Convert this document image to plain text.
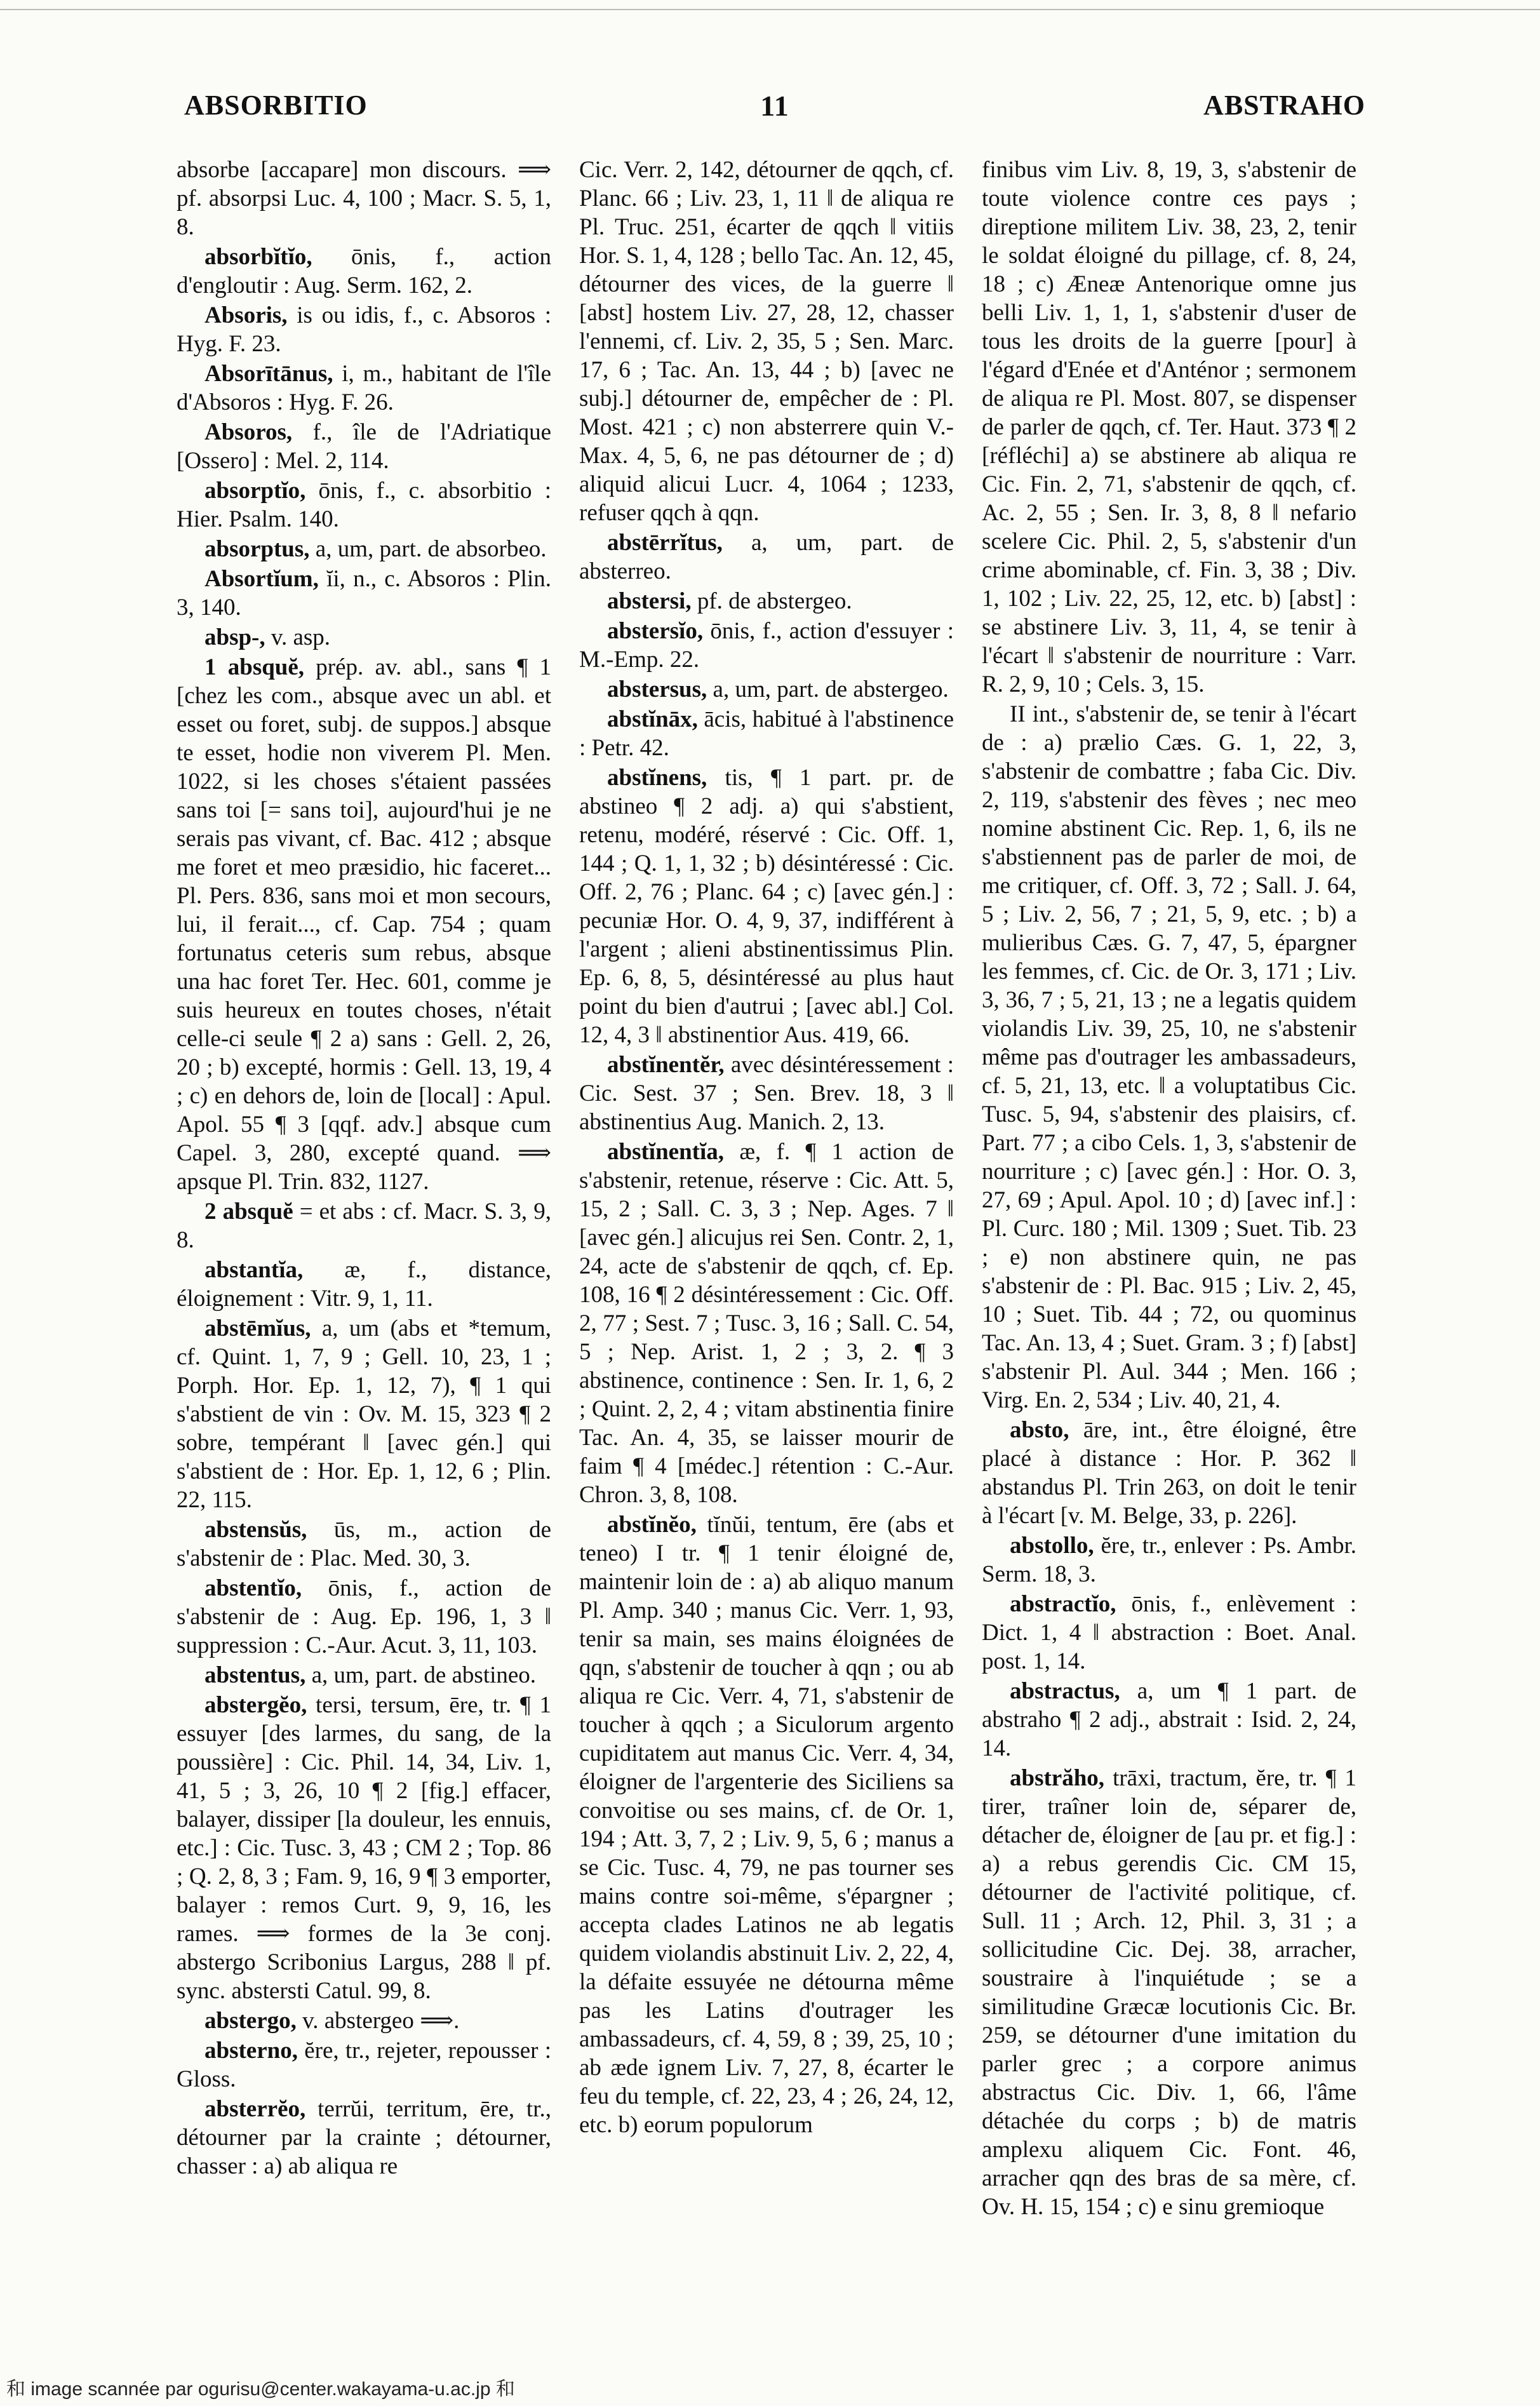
ABSORBITIO	11	ABSTRAHO

absorbe [accapare] mon discours. ⟹ pf. absorpsi Luc. 4, 100 ; Macr. S. 5, 1, 8.

absorbĭtĭo, ōnis, f., action d'engloutir : Aug. Serm. 162, 2.

Absoris, is ou idis, f., c. Absoros : Hyg. F. 23.

Absorītānus, i, m., habitant de l'île d'Absoros : Hyg. F. 26.

Absoros, f., île de l'Adriatique [Ossero] : Mel. 2, 114.

absorptĭo, ōnis, f., c. absorbitio : Hier. Psalm. 140.

absorptus, a, um, part. de absorbeo.

Absortĭum, ĭi, n., c. Absoros : Plin. 3, 140.

absp-, v. asp.

1 absquĕ, prép. av. abl., sans ¶ 1 [chez les com., absque avec un abl. et esset ou foret, subj. de suppos.] absque te esset, hodie non viverem Pl. Men. 1022, si les choses s'étaient passées sans toi [= sans toi], aujourd'hui je ne serais pas vivant, cf. Bac. 412 ; absque me foret et meo præsidio, hic faceret... Pl. Pers. 836, sans moi et mon secours, lui, il ferait..., cf. Cap. 754 ; quam fortunatus ceteris sum rebus, absque una hac foret Ter. Hec. 601, comme je suis heureux en toutes choses, n'était celle-ci seule ¶ 2 a) sans : Gell. 2, 26, 20 ; b) excepté, hormis : Gell. 13, 19, 4 ; c) en dehors de, loin de [local] : Apul. Apol. 55 ¶ 3 [qqf. adv.] absque cum Capel. 3, 280, excepté quand. ⟹ apsque Pl. Trin. 832, 1127.

2 absquĕ = et abs : cf. Macr. S. 3, 9, 8.

abstantĭa, æ, f., distance, éloignement : Vitr. 9, 1, 11.

abstēmĭus, a, um (abs et *temum, cf. Quint. 1, 7, 9 ; Gell. 10, 23, 1 ; Porph. Hor. Ep. 1, 12, 7), ¶ 1 qui s'abstient de vin : Ov. M. 15, 323 ¶ 2 sobre, tempérant ‖ [avec gén.] qui s'abstient de : Hor. Ep. 1, 12, 6 ; Plin. 22, 115.

abstensŭs, ūs, m., action de s'abstenir de : Plac. Med. 30, 3.

abstentĭo, ōnis, f., action de s'abstenir de : Aug. Ep. 196, 1, 3 ‖ suppression : C.-Aur. Acut. 3, 11, 103.

abstentus, a, um, part. de abstineo.

abstergĕo, tersi, tersum, ēre, tr. ¶ 1 essuyer [des larmes, du sang, de la poussière] : Cic. Phil. 14, 34, Liv. 1, 41, 5 ; 3, 26, 10 ¶ 2 [fig.] effacer, balayer, dissiper [la douleur, les ennuis, etc.] : Cic. Tusc. 3, 43 ; CM 2 ; Top. 86 ; Q. 2, 8, 3 ; Fam. 9, 16, 9 ¶ 3 emporter, balayer : remos Curt. 9, 9, 16, les rames. ⟹ formes de la 3e conj. abstergo Scribonius Largus, 288 ‖ pf. sync. abstersti Catul. 99, 8.

abstergo, v. abstergeo ⟹.

absterno, ĕre, tr., rejeter, repousser : Gloss.

absterrĕo, terrŭi, territum, ēre, tr., détourner par la crainte ; détourner, chasser : a) ab aliqua re

Cic. Verr. 2, 142, détourner de qqch, cf. Planc. 66 ; Liv. 23, 1, 11 ‖ de aliqua re Pl. Truc. 251, écarter de qqch ‖ vitiis Hor. S. 1, 4, 128 ; bello Tac. An. 12, 45, détourner des vices, de la guerre ‖ [abst] hostem Liv. 27, 28, 12, chasser l'ennemi, cf. Liv. 2, 35, 5 ; Sen. Marc. 17, 6 ; Tac. An. 13, 44 ; b) [avec ne subj.] détourner de, empêcher de : Pl. Most. 421 ; c) non absterrere quin V.-Max. 4, 5, 6, ne pas détourner de ; d) aliquid alicui Lucr. 4, 1064 ; 1233, refuser qqch à qqn.

abstērrĭtus, a, um, part. de absterreo.

abstersi, pf. de abstergeo.

abstersĭo, ōnis, f., action d'essuyer : M.-Emp. 22.

abstersus, a, um, part. de abstergeo.

abstĭnāx, ācis, habitué à l'abstinence : Petr. 42.

abstĭnens, tis, ¶ 1 part. pr. de abstineo ¶ 2 adj. a) qui s'abstient, retenu, modéré, réservé : Cic. Off. 1, 144 ; Q. 1, 1, 32 ; b) désintéressé : Cic. Off. 2, 76 ; Planc. 64 ; c) [avec gén.] : pecuniæ Hor. O. 4, 9, 37, indifférent à l'argent ; alieni abstinentissimus Plin. Ep. 6, 8, 5, désintéressé au plus haut point du bien d'autrui ; [avec abl.] Col. 12, 4, 3 ‖ abstinentior Aus. 419, 66.

abstĭnentĕr, avec désintéressement : Cic. Sest. 37 ; Sen. Brev. 18, 3 ‖ abstinentius Aug. Manich. 2, 13.

abstĭnentĭa, æ, f. ¶ 1 action de s'abstenir, retenue, réserve : Cic. Att. 5, 15, 2 ; Sall. C. 3, 3 ; Nep. Ages. 7 ‖ [avec gén.] alicujus rei Sen. Contr. 2, 1, 24, acte de s'abstenir de qqch, cf. Ep. 108, 16 ¶ 2 désintéressement : Cic. Off. 2, 77 ; Sest. 7 ; Tusc. 3, 16 ; Sall. C. 54, 5 ; Nep. Arist. 1, 2 ; 3, 2. ¶ 3 abstinence, continence : Sen. Ir. 1, 6, 2 ; Quint. 2, 2, 4 ; vitam abstinentia finire Tac. An. 4, 35, se laisser mourir de faim ¶ 4 [médec.] rétention : C.-Aur. Chron. 3, 8, 108.

abstĭnĕo, tĭnŭi, tentum, ēre (abs et teneo) I tr. ¶ 1 tenir éloigné de, maintenir loin de : a) ab aliquo manum Pl. Amp. 340 ; manus Cic. Verr. 1, 93, tenir sa main, ses mains éloignées de qqn, s'abstenir de toucher à qqn ; ou ab aliqua re Cic. Verr. 4, 71, s'abstenir de toucher à qqch ; a Siculorum argento cupiditatem aut manus Cic. Verr. 4, 34, éloigner de l'argenterie des Siciliens sa convoitise ou ses mains, cf. de Or. 1, 194 ; Att. 3, 7, 2 ; Liv. 9, 5, 6 ; manus a se Cic. Tusc. 4, 79, ne pas tourner ses mains contre soi-même, s'épargner ; accepta clades Latinos ne ab legatis quidem violandis abstinuit Liv. 2, 22, 4, la défaite essuyée ne détourna même pas les Latins d'outrager les ambassadeurs, cf. 4, 59, 8 ; 39, 25, 10 ; ab æde ignem Liv. 7, 27, 8, écarter le feu du temple, cf. 22, 23, 4 ; 26, 24, 12, etc. b) eorum populorum

finibus vim Liv. 8, 19, 3, s'abstenir de toute violence contre ces pays ; direptione militem Liv. 38, 23, 2, tenir le soldat éloigné du pillage, cf. 8, 24, 18 ; c) Æneæ Antenorique omne jus belli Liv. 1, 1, 1, s'abstenir d'user de tous les droits de la guerre [pour] à l'égard d'Enée et d'Anténor ; sermonem de aliqua re Pl. Most. 807, se dispenser de parler de qqch, cf. Ter. Haut. 373 ¶ 2 [réfléchi] a) se abstinere ab aliqua re Cic. Fin. 2, 71, s'abstenir de qqch, cf. Ac. 2, 55 ; Sen. Ir. 3, 8, 8 ‖ nefario scelere Cic. Phil. 2, 5, s'abstenir d'un crime abominable, cf. Fin. 3, 38 ; Div. 1, 102 ; Liv. 22, 25, 12, etc. b) [abst] : se abstinere Liv. 3, 11, 4, se tenir à l'écart ‖ s'abstenir de nourriture : Varr. R. 2, 9, 10 ; Cels. 3, 15.

II int., s'abstenir de, se tenir à l'écart de : a) prælio Cæs. G. 1, 22, 3, s'abstenir de combattre ; faba Cic. Div. 2, 119, s'abstenir des fèves ; nec meo nomine abstinent Cic. Rep. 1, 6, ils ne s'abstiennent pas de parler de moi, de me critiquer, cf. Off. 3, 72 ; Sall. J. 64, 5 ; Liv. 2, 56, 7 ; 21, 5, 9, etc. ; b) a mulieribus Cæs. G. 7, 47, 5, épargner les femmes, cf. Cic. de Or. 3, 171 ; Liv. 3, 36, 7 ; 5, 21, 13 ; ne a legatis quidem violandis Liv. 39, 25, 10, ne s'abstenir même pas d'outrager les ambassadeurs, cf. 5, 21, 13, etc. ‖ a voluptatibus Cic. Tusc. 5, 94, s'abstenir des plaisirs, cf. Part. 77 ; a cibo Cels. 1, 3, s'abstenir de nourriture ; c) [avec gén.] : Hor. O. 3, 27, 69 ; Apul. Apol. 10 ; d) [avec inf.] : Pl. Curc. 180 ; Mil. 1309 ; Suet. Tib. 23 ; e) non abstinere quin, ne pas s'abstenir de : Pl. Bac. 915 ; Liv. 2, 45, 10 ; Suet. Tib. 44 ; 72, ou quominus Tac. An. 13, 4 ; Suet. Gram. 3 ; f) [abst] s'abstenir Pl. Aul. 344 ; Men. 166 ; Virg. En. 2, 534 ; Liv. 40, 21, 4.

absto, āre, int., être éloigné, être placé à distance : Hor. P. 362 ‖ abstandus Pl. Trin 263, on doit le tenir à l'écart [v. M. Belge, 33, p. 226].

abstollo, ĕre, tr., enlever : Ps. Ambr. Serm. 18, 3.

abstractĭo, ōnis, f., enlèvement : Dict. 1, 4 ‖ abstraction : Boet. Anal. post. 1, 14.

abstractus, a, um ¶ 1 part. de abstraho ¶ 2 adj., abstrait : Isid. 2, 24, 14.

abstrăho, trāxi, tractum, ĕre, tr. ¶ 1 tirer, traîner loin de, séparer de, détacher de, éloigner de [au pr. et fig.] : a) a rebus gerendis Cic. CM 15, détourner de l'activité politique, cf. Sull. 11 ; Arch. 12, Phil. 3, 31 ; a sollicitudine Cic. Dej. 38, arracher, soustraire à l'inquiétude ; se a similitudine Græcæ locutionis Cic. Br. 259, se détourner d'une imitation du parler grec ; a corpore animus abstractus Cic. Div. 1, 66, l'âme détachée du corps ; b) de matris amplexu aliquem Cic. Font. 46, arracher qqn des bras de sa mère, cf. Ov. H. 15, 154 ; c) e sinu gremioque

和 image scannée par ogurisu@center.wakayama-u.ac.jp 和
